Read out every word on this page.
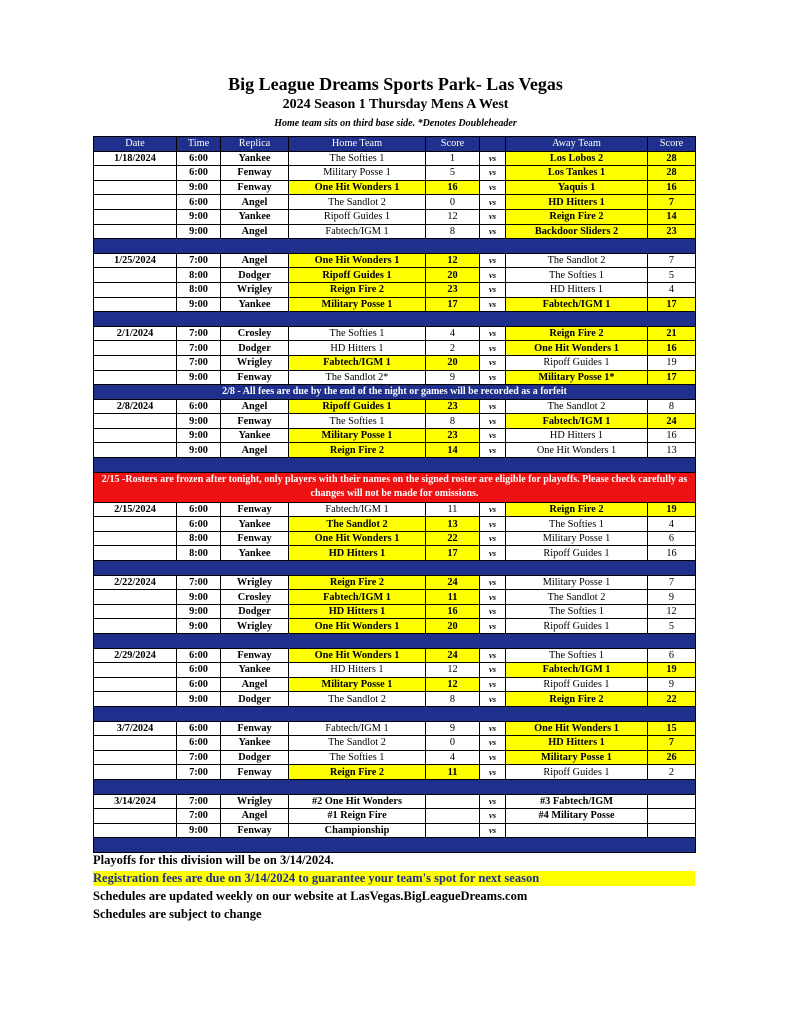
Big League Dreams Sports Park- Las Vegas
2024 Season 1 Thursday Mens A West
Home team sits on third base side. *Denotes Doubleheader
Date	Time	Replica	Home Team	Score		Away Team	Score
1/18/2024	6:00	Yankee	The Softies 1	1	vs	Los Lobos 2	28
	6:00	Fenway	Military Posse 1	5	vs	Los Tankes 1	28
	9:00	Fenway	One Hit Wonders 1	16	vs	Yaquis 1	16
	6:00	Angel	The Sandlot 2	0	vs	HD Hitters 1	7
	9:00	Yankee	Ripoff Guides 1	12	vs	Reign Fire 2	14
	9:00	Angel	Fabtech/IGM 1	8	vs	Backdoor Sliders 2	23

1/25/2024	7:00	Angel	One Hit Wonders 1	12	vs	The Sandlot 2	7
	8:00	Dodger	Ripoff Guides 1	20	vs	The Softies 1	5
	8:00	Wrigley	Reign Fire 2	23	vs	HD Hitters 1	4
	9:00	Yankee	Military Posse 1	17	vs	Fabtech/IGM 1	17

2/1/2024	7:00	Crosley	The Softies 1	4	vs	Reign Fire 2	21
	7:00	Dodger	HD Hitters 1	2	vs	One Hit Wonders 1	16
	7:00	Wrigley	Fabtech/IGM 1	20	vs	Ripoff Guides 1	19
	9:00	Fenway	The Sandlot 2*	9	vs	Military Posse 1*	17
2/8 - All fees are due by the end of the night or games will be recorded as a forfeit							
2/8/2024	6:00	Angel	Ripoff Guides 1	23	vs	The Sandlot 2	8
	9:00	Fenway	The Softies 1	8	vs	Fabtech/IGM 1	24
	9:00	Yankee	Military Posse 1	23	vs	HD Hitters 1	16
	9:00	Angel	Reign Fire 2	14	vs	One Hit Wonders 1	13

2/15 -Rosters are frozen after tonight, only players with their names on the signed roster are eligible for playoffs. Please check carefully as changes will not be made for omissions.							
2/15/2024	6:00	Fenway	Fabtech/IGM 1	11	vs	Reign Fire 2	19
	6:00	Yankee	The Sandlot 2	13	vs	The Softies 1	4
	8:00	Fenway	One Hit Wonders 1	22	vs	Military Posse 1	6
	8:00	Yankee	HD Hitters 1	17	vs	Ripoff Guides 1	16

2/22/2024	7:00	Wrigley	Reign Fire 2	24	vs	Military Posse 1	7
	9:00	Crosley	Fabtech/IGM 1	11	vs	The Sandlot 2	9
	9:00	Dodger	HD Hitters 1	16	vs	The Softies 1	12
	9:00	Wrigley	One Hit Wonders 1	20	vs	Ripoff Guides 1	5

2/29/2024	6:00	Fenway	One Hit Wonders 1	24	vs	The Softies 1	6
	6:00	Yankee	HD Hitters 1	12	vs	Fabtech/IGM 1	19
	6:00	Angel	Military Posse 1	12	vs	Ripoff Guides 1	9
	9:00	Dodger	The Sandlot 2	8	vs	Reign Fire 2	22

3/7/2024	6:00	Fenway	Fabtech/IGM 1	9	vs	One Hit Wonders 1	15
	6:00	Yankee	The Sandlot 2	0	vs	HD Hitters 1	7
	7:00	Dodger	The Softies 1	4	vs	Military Posse 1	26
	7:00	Fenway	Reign Fire 2	11	vs	Ripoff Guides 1	2

3/14/2024	7:00	Wrigley	#2 One Hit Wonders		vs	#3 Fabtech/IGM	
	7:00	Angel	#1 Reign Fire		vs	#4 Military Posse	
	9:00	Fenway	Championship		vs		

Playoffs for this division will be on 3/14/2024.
Registration fees are due on 3/14/2024 to guarantee your team's spot for next season
Schedules are updated weekly on our website at LasVegas.BigLeagueDreams.com
Schedules are subject to change
